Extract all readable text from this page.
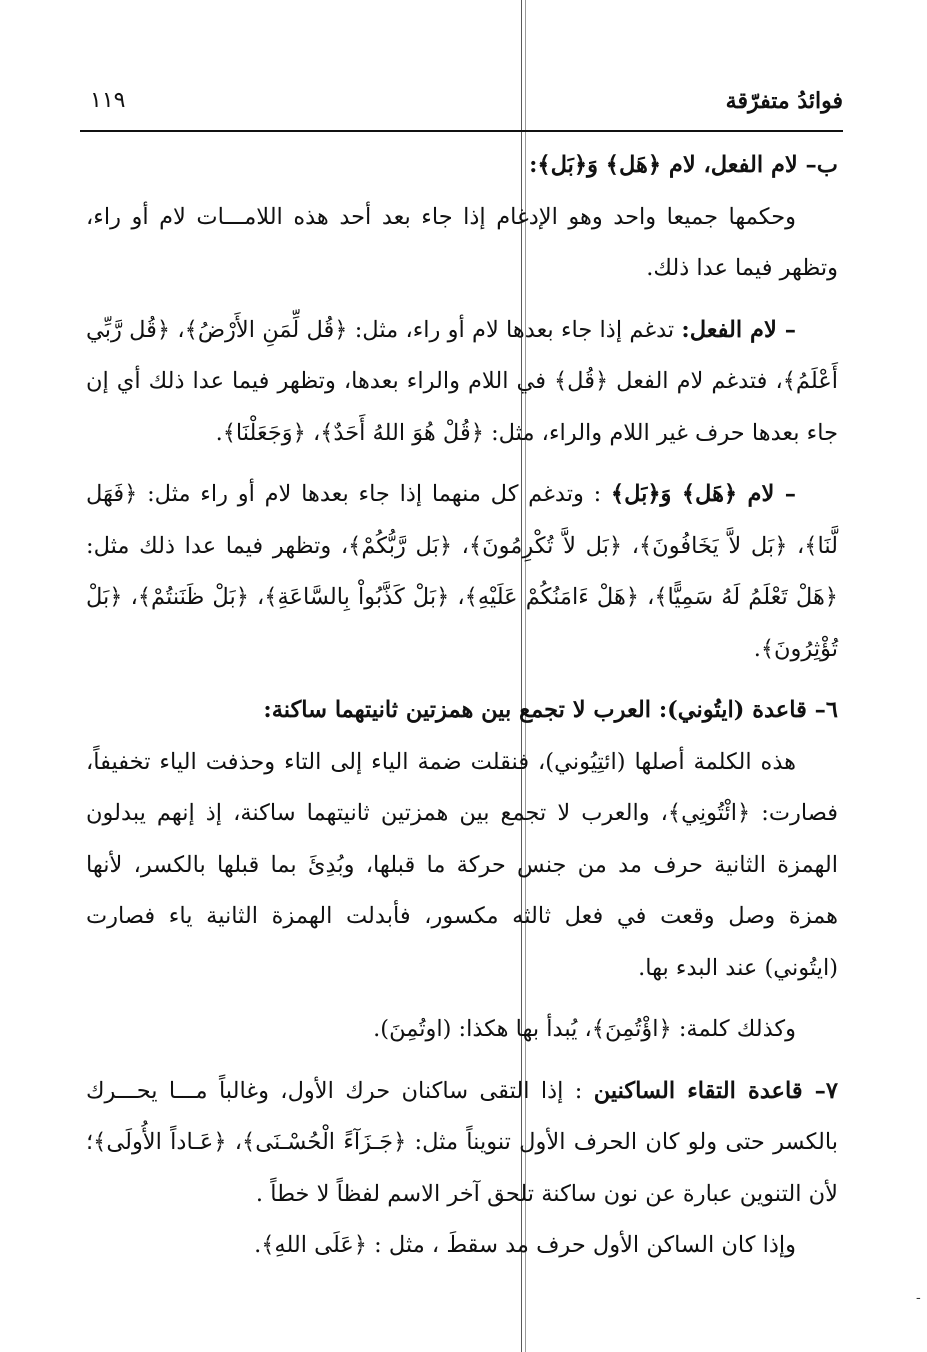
فوائدُ متفرّقة
١١٩

ب– لام الفعل، لام ﴿هَل﴾ وَ﴿بَل﴾:

وحكمها جميعا واحد وهو الإدغام إذا جاء بعد أحد هذه اللامـــات لام أو راء، وتظهر فيما عدا ذلك.

– لام الفعل: تدغم إذا جاء بعدها لام أو راء، مثل: ﴿قُل لِّمَنِ الأَرْضُ﴾، ﴿قُل رَّبِّي أَعْلَمُ﴾، فتدغم لام الفعل ﴿قُل﴾ في اللام والراء بعدها، وتظهر فيما عدا ذلك أي إن جاء بعدها حرف غير اللام والراء، مثل: ﴿قُلْ هُوَ اللهُ أَحَدٌ﴾، ﴿وَجَعَلْنَا﴾.

– لام ﴿هَل﴾ وَ﴿بَل﴾ : وتدغم كل منهما إذا جاء بعدها لام أو راء مثل: ﴿فَهَل لَّنَا﴾، ﴿بَل لاَّ يَخَافُونَ﴾، ﴿بَل لاَّ تُكْرِمُونَ﴾، ﴿بَل رَّبُّكُمْ﴾، وتظهر فيما عدا ذلك مثل: ﴿هَلْ تَعْلَمُ لَهُ سَمِيًّا﴾، ﴿هَلْ ءَامَنُكُمْ عَلَيْهِ﴾، ﴿بَلْ كَذَّبُواْ بِالسَّاعَةِ﴾، ﴿بَلْ ظَنَنتُمْ﴾، ﴿بَلْ تُؤْثِرُونَ﴾.

٦– قاعدة (ايتُوني): العرب لا تجمع بين همزتين ثانيتهما ساكنة:

هذه الكلمة أصلها (ائتِيُوني)، فنقلت ضمة الياء إلى التاء وحذفت الياء تخفيفاً، فصارت: ﴿ائْتُونِي﴾، والعرب لا تجمع بين همزتين ثانيتهما ساكنة، إذ إنهم يبدلون الهمزة الثانية حرف مد من جنس حركة ما قبلها، وبُدِئَ بما قبلها بالكسر، لأنها همزة وصل وقعت في فعل ثالثه مكسور، فأبدلت الهمزة الثانية ياء فصارت (ايتُوني) عند البدء بها.

وكذلك كلمة: ﴿اؤْتُمِنَ﴾، يُبدأ بها هكذا: (اوتُمِنَ).

٧– قاعدة التقاء الساكنين : إذا التقى ساكنان حرك الأول، وغالباً مـــا يحـــرك بالكسر حتى ولو كان الحرف الأول تنويناً مثل: ﴿جَـزَآءً الْحُسْـنَى﴾، ﴿عَـاداً الأُولَى﴾؛ لأن التنوين عبارة عن نون ساكنة تلحق آخر الاسم لفظاً لا خطاً .

وإذا كان الساكن الأول حرف مد سقطَ ، مثل : ﴿عَلَى اللهِ﴾.

-
